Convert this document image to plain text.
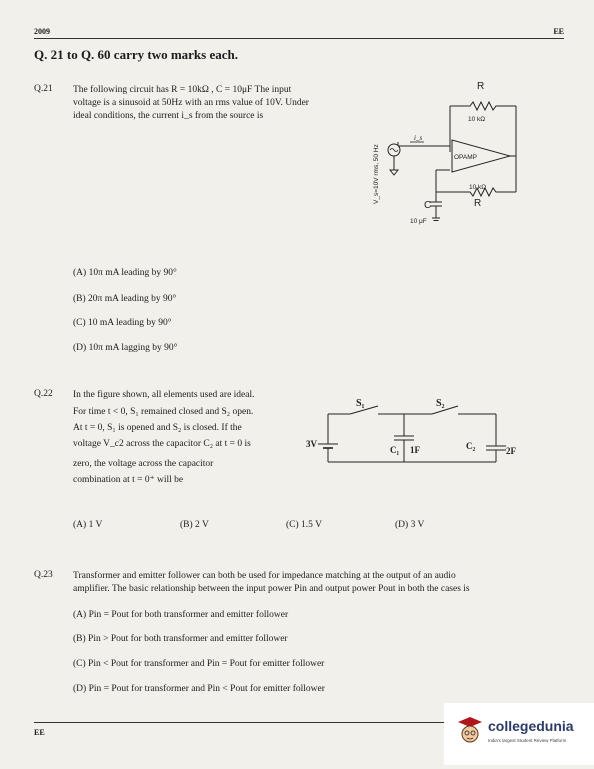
2009	EE
Q. 21 to Q. 60 carry two marks each.
Q.21 The following circuit has R = 10kΩ , C = 10μF The input
voltage is a sinusoid at 50Hz with an rms value of 10V. Under
ideal conditions, the current i_s from the source is
R
10 kΩ
OPAMP
10 kΩ
R
C
10 μF
i_s
V_s=10V rms, 50 Hz
(A) 10π mA leading by 90°
(B) 20π mA leading by 90°
(C) 10 mA leading by 90°
(D) 10π mA lagging by 90°
Q.22 In the figure shown, all elements used are ideal.
For time t < 0, S₁ remained closed and S₂ open.
At t = 0, S₁ is opened and S₂ is closed. If the
voltage V_c2 across the capacitor C₂ at t = 0 is
zero, the voltage across the capacitor
combination at t = 0⁺ will be
S₁	S₂
3V
C₁ 1F	C₂	2F
(A) 1 V	(B) 2 V	(C) 1.5 V	(D) 3 V
Q.23 Transformer and emitter follower can both be used for impedance matching at the output of an audio
amplifier. The basic relationship between the input power Pin and output power Pout in both the cases is
(A) Pin = Pout for both transformer and emitter follower
(B) Pin > Pout for both transformer and emitter follower
(C) Pin < Pout for transformer and Pin = Pout for emitter follower
(D) Pin = Pout for transformer and Pin < Pout for emitter follower
EE	collegedunia
India's largest Student Review Platform
